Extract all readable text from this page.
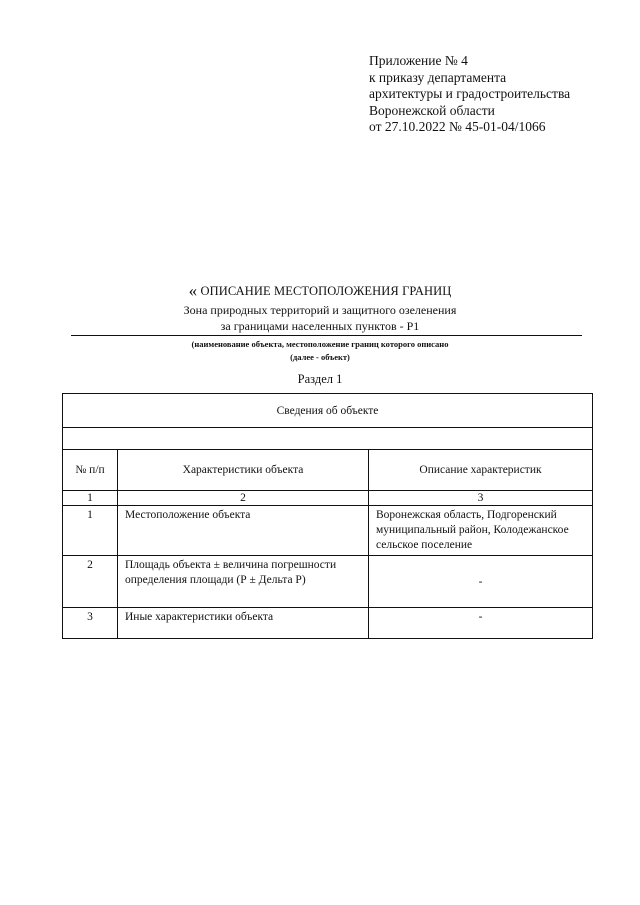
Приложение № 4
к приказу департамента
архитектуры и градостроительства
Воронежской области
от 27.10.2022 № 45-01-04/1066
« ОПИСАНИЕ МЕСТОПОЛОЖЕНИЯ ГРАНИЦ
Зона природных территорий и защитного озеленения
за границами населенных пунктов - Р1
(наименование объекта, местоположение границ которого описано
(далее - объект)
Раздел 1
Сведения об объекте		

№ п/п	Характеристики объекта	Описание характеристик
1	2	3
1	Местоположение объекта	Воронежская область, Подгоренский муниципальный район, Колодежанское сельское поселение
2	Площадь объекта ± величина погрешности определения площади (Р ± Дельта Р)	-
3	Иные характеристики объекта	-
